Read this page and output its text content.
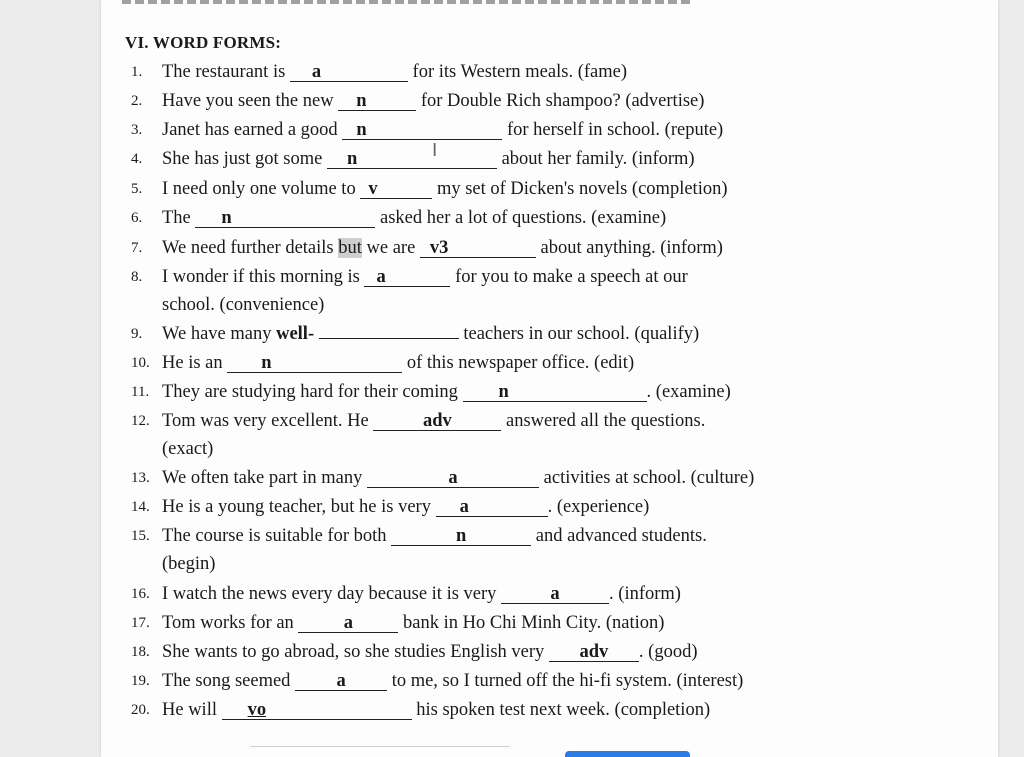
VI. WORD FORMS:
1.	The restaurant is a	for its Western meals. (fame)
2.	Have you seen the new n	for Double Rich shampoo? (advertise)
3.	Janet has earned a good n	for herself in school. (repute)
4.	She has just got some n	about her family. (inform)
5.	I need only one volume to v	my set of Dicken's novels (completion)
6.	The n	asked her a lot of questions. (examine)
7.	We need further details but we are v3	about anything. (inform)
8.	I wonder if this morning is a	for you to make a speech at our
school. (convenience)
9.	We have many well-	teachers in our school. (qualify)
10. He is an n	of this newspaper office. (edit)
11. They are studying hard for their coming n	. (examine)
12. Tom was very excellent. He	adv	answered all the questions.
(exact)
13. We often take part in many	a	activities at school. (culture)
14. He is a young teacher, but he is very a	. (experience)
15. The course is suitable for both	n	and advanced students.
(begin)
16. I watch the news every day because it is very	a	. (inform)
17. Tom works for an	a	bank in Ho Chi Minh City. (nation)
18. She wants to go abroad, so she studies English very adv . (good)
19. The song seemed a to me, so I turned off the hi-fi system. (interest)
20. He will vo	his spoken test next week. (completion)
I
